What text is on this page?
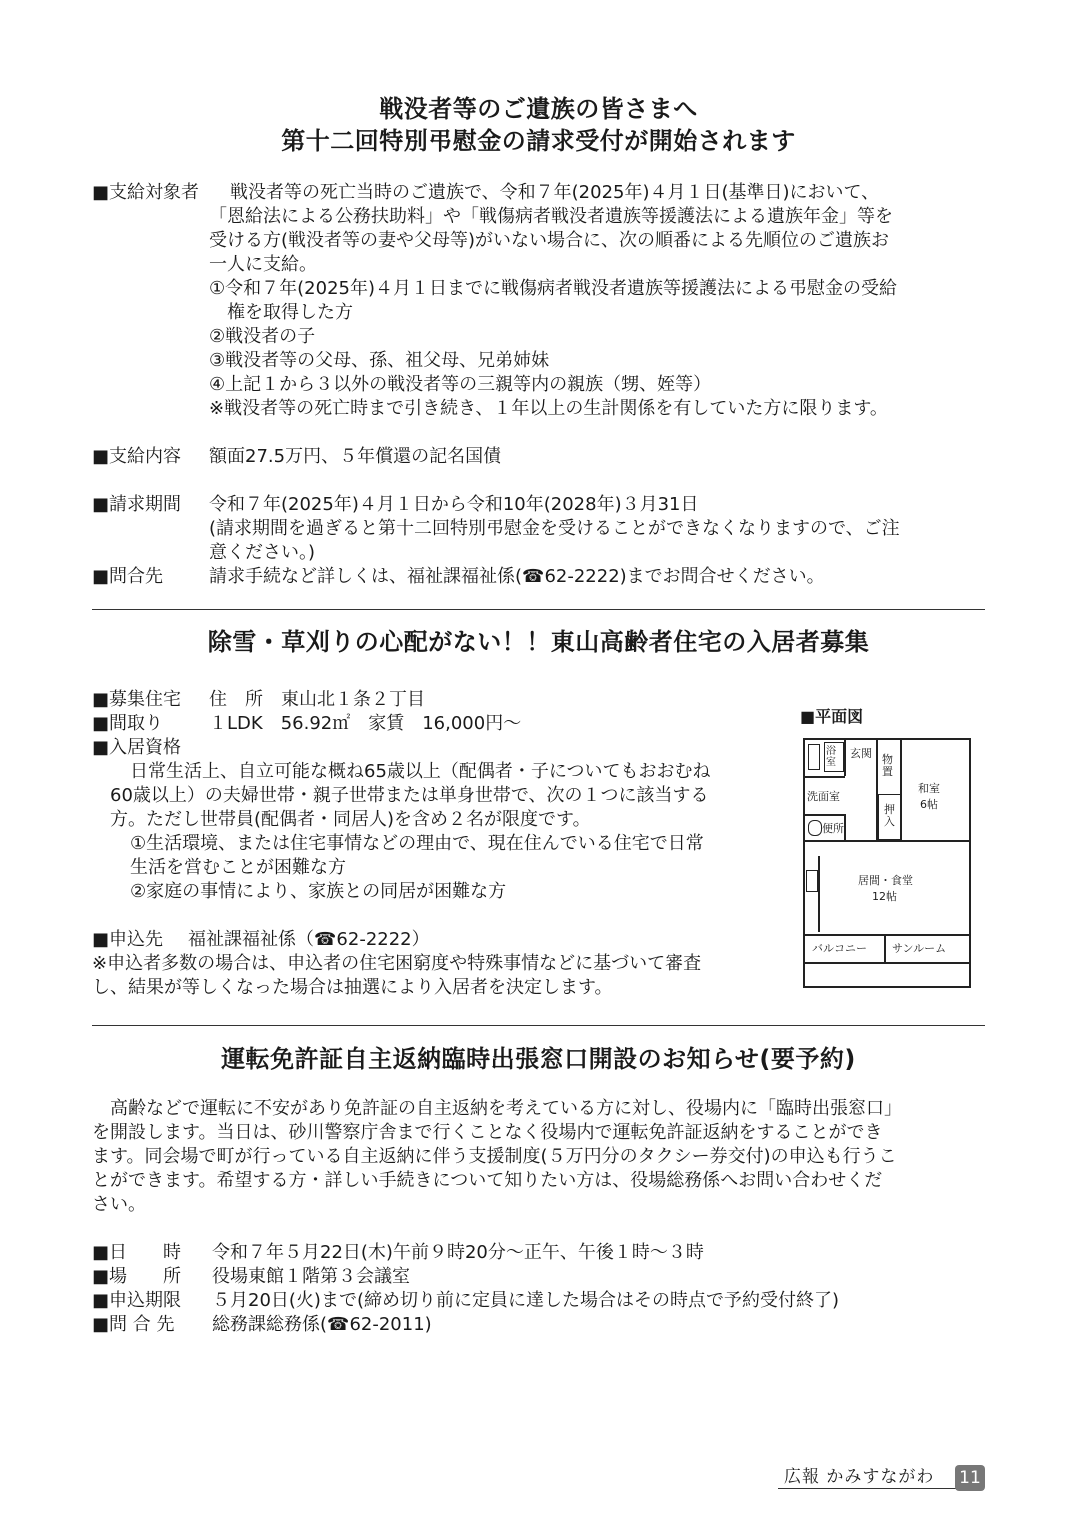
戦没者等のご遺族の皆さまへ
第十二回特別弔慰金の請求受付が開始されます
■ 支給対象者	戦没者等の死亡当時のご遺族で、令和７年(2025年)４月１日(基準日)において、
「恩給法による公務扶助料」や「戦傷病者戦没者遺族等援護法による遺族年金」等を
受ける方(戦没者等の妻や父母等)がいない場合に、次の順番による先順位のご遺族お
一人に支給。
①令和７年(2025年)４月１日までに戦傷病者戦没者遺族等援護法による弔慰金の受給
　権を取得した方
②戦没者の子
③戦没者等の父母、孫、祖父母、兄弟姉妹
④上記１から３以外の戦没者等の三親等内の親族（甥、姪等）
※戦没者等の死亡時まで引き続き、１年以上の生計関係を有していた方に限ります。
■ 支給内容 額面27.5万円、５年償還の記名国債
■ 請求期間 令和７年(2025年)４月１日から令和10年(2028年)３月31日
(請求期間を過ぎると第十二回特別弔慰金を受けることができなくなりますので、ご注
意ください。)
■ 問合先	請求手続など詳しくは、福祉課福祉係(☎62-2222)までお問合せください。
除雪・草刈りの心配がない！！東山高齢者住宅の入居者募集
■ 募集住宅 住　所　東山北１条２丁目
■ 間取り	１LDK　56.92㎡　家賃　16,000円～
■ 入居資格
日常生活上、自立可能な概ね65歳以上（配偶者・子についてもおおむね
60歳以上）の夫婦世帯・親子世帯または単身世帯で、次の１つに該当する
方。ただし世帯員(配偶者・同居人)を含め２名が限度です。
①生活環境、または住宅事情などの理由で、現在住んでいる住宅で日常
生活を営むことが困難な方
②家庭の事情により、家族との同居が困難な方
■ 申込先 福祉課福祉係（☎62-2222）
※申込者多数の場合は、申込者の住宅困窮度や特殊事情などに基づいて審査
し、結果が等しくなった場合は抽選により入居者を決定します。
■ 平面図
浴室
玄関 物置
洗面室
便所
押入
和室
6帖
居間・食堂
12帖
バルコニー サンルーム
運転免許証自主返納臨時出張窓口開設のお知らせ(要予約)
　高齢などで運転に不安があり免許証の自主返納を考えている方に対し、役場内に「臨時出張窓口」
を開設します。当日は、砂川警察庁舎まで行くことなく役場内で運転免許証返納をすることができ
ます。同会場で町が行っている自主返納に伴う支援制度(５万円分のタクシー券交付)の申込も行うこ
とができます。希望する方・詳しい手続きについて知りたい方は、役場総務係へお問い合わせくだ
さい。
■ 日　　時 令和７年５月22日(木)午前９時20分～正午、午後１時～３時
■ 場　　所 役場東館１階第３会議室
■ 申込期限 ５月20日(火)まで(締め切り前に定員に達した場合はその時点で予約受付終了)
■ 問 合 先 総務課総務係(☎62-2011)
広報 かみすながわ 11
